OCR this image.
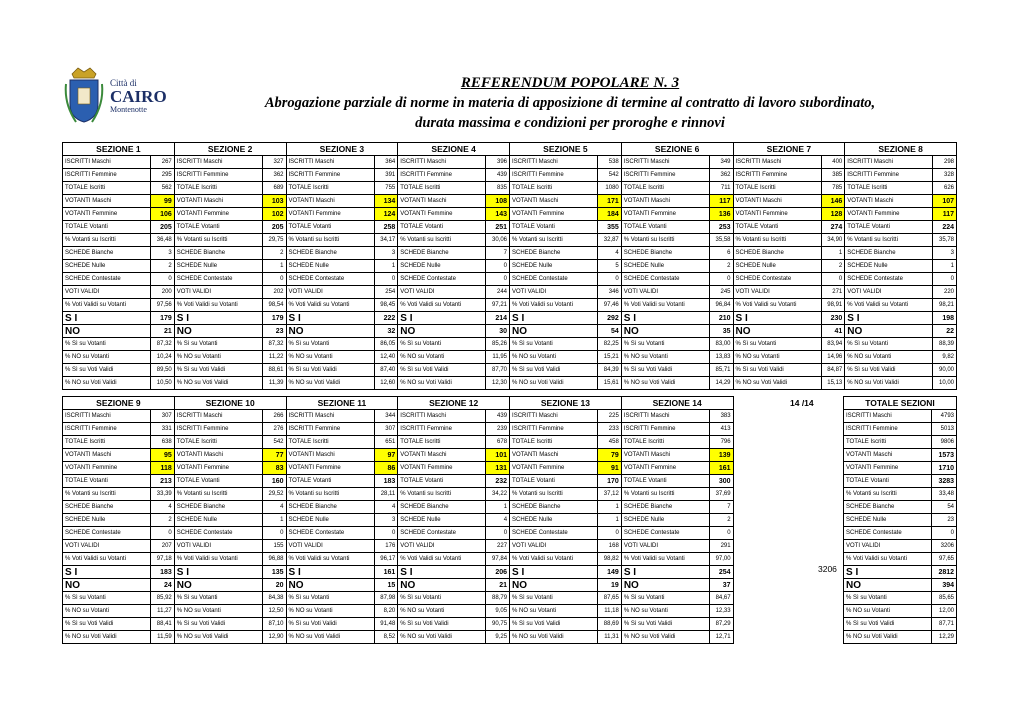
Città di
CAIRO
Montenotte
REFERENDUM POPOLARE N. 3
Abrogazione parziale di norme in materia di apposizione di termine al contratto di lavoro subordinato,
durata massima e condizioni per proroghe e rinnovi
SEZIONE 1		SEZIONE 2		SEZIONE 3		SEZIONE 4		SEZIONE 5		SEZIONE 6		SEZIONE 7		SEZIONE 8	
ISCRITTI Maschi	267	ISCRITTI Maschi	327	ISCRITTI Maschi	364	ISCRITTI Maschi	396	ISCRITTI Maschi	538	ISCRITTI Maschi	349	ISCRITTI Maschi	400	ISCRITTI Maschi	298
ISCRITTI Femmine	295	ISCRITTI Femmine	362	ISCRITTI Femmine	391	ISCRITTI Femmine	439	ISCRITTI Femmine	542	ISCRITTI Femmine	362	ISCRITTI Femmine	385	ISCRITTI Femmine	328
TOTALE Iscritti	562	TOTALE Iscritti	689	TOTALE Iscritti	755	TOTALE Iscritti	835	TOTALE Iscritti	1080	TOTALE Iscritti	711	TOTALE Iscritti	785	TOTALE Iscritti	626
VOTANTI Maschi	99	VOTANTI Maschi	103	VOTANTI Maschi	134	VOTANTI Maschi	108	VOTANTI Maschi	171	VOTANTI Maschi	117	VOTANTI Maschi	146	VOTANTI Maschi	107
VOTANTI Femmine	106	VOTANTI Femmine	102	VOTANTI Femmine	124	VOTANTI Femmine	143	VOTANTI Femmine	184	VOTANTI Femmine	136	VOTANTI Femmine	128	VOTANTI Femmine	117
TOTALE Votanti	205	TOTALE Votanti	205	TOTALE Votanti	258	TOTALE Votanti	251	TOTALE Votanti	355	TOTALE Votanti	253	TOTALE Votanti	274	TOTALE Votanti	224
% Votanti su Iscritti	36,48	% Votanti su Iscritti	29,75	% Votanti su Iscritti	34,17	% Votanti su Iscritti	30,06	% Votanti su Iscritti	32,87	% Votanti su Iscritti	35,58	% Votanti su Iscritti	34,90	% Votanti su Iscritti	35,78
SCHEDE Bianche	3	SCHEDE Bianche	2	SCHEDE Bianche	3	SCHEDE Bianche	7	SCHEDE Bianche	4	SCHEDE Bianche	6	SCHEDE Bianche	1	SCHEDE Bianche	3
SCHEDE Nulle	2	SCHEDE Nulle	1	SCHEDE Nulle	1	SCHEDE Nulle	0	SCHEDE Nulle	5	SCHEDE Nulle	2	SCHEDE Nulle	2	SCHEDE Nulle	1
SCHEDE Contestate	0	SCHEDE Contestate	0	SCHEDE Contestate	0	SCHEDE Contestate	0	SCHEDE Contestate	0	SCHEDE Contestate	0	SCHEDE Contestate	0	SCHEDE Contestate	0
VOTI VALIDI	200	VOTI VALIDI	202	VOTI VALIDI	254	VOTI VALIDI	244	VOTI VALIDI	346	VOTI VALIDI	245	VOTI VALIDI	271	VOTI VALIDI	220
% Voti Validi su Votanti	97,56	% Voti Validi su Votanti	98,54	% Voti Validi su Votanti	98,45	% Voti Validi su Votanti	97,21	% Voti Validi su Votanti	97,46	% Voti Validi su Votanti	96,84	% Voti Validi su Votanti	98,91	% Voti Validi su Votanti	98,21
S I	179	S I	179	S I	222	S I	214	S I	292	S I	210	S I	230	S I	198
NO	21	NO	23	NO	32	NO	30	NO	54	NO	35	NO	41	NO	22
% Sì su Votanti	87,32	% Sì su Votanti	87,32	% Sì su Votanti	86,05	% Sì su Votanti	85,26	% Sì su Votanti	82,25	% Sì su Votanti	83,00	% Sì su Votanti	83,94	% Sì su Votanti	88,39
% NO su Votanti	10,24	% NO su Votanti	11,22	% NO su Votanti	12,40	% NO su Votanti	11,95	% NO su Votanti	15,21	% NO su Votanti	13,83	% NO su Votanti	14,96	% NO su Votanti	9,82
% Sì su Voti Validi	89,50	% Sì su Voti Validi	88,61	% Sì su Voti Validi	87,40	% Sì su Voti Validi	87,70	% Sì su Voti Validi	84,39	% Sì su Voti Validi	85,71	% Sì su Voti Validi	84,87	% Sì su Voti Validi	90,00
% NO su Voti Validi	10,50	% NO su Voti Validi	11,39	% NO su Voti Validi	12,60	% NO su Voti Validi	12,30	% NO su Voti Validi	15,61	% NO su Voti Validi	14,29	% NO su Voti Validi	15,13	% NO su Voti Validi	10,00
SEZIONE 9		SEZIONE 10		SEZIONE 11		SEZIONE 12		SEZIONE 13		SEZIONE 14	
ISCRITTI Maschi	307	ISCRITTI Maschi	266	ISCRITTI Maschi	344	ISCRITTI Maschi	439	ISCRITTI Maschi	225	ISCRITTI Maschi	383
ISCRITTI Femmine	331	ISCRITTI Femmine	276	ISCRITTI Femmine	307	ISCRITTI Femmine	239	ISCRITTI Femmine	233	ISCRITTI Femmine	413
TOTALE Iscritti	638	TOTALE Iscritti	542	TOTALE Iscritti	651	TOTALE Iscritti	678	TOTALE Iscritti	458	TOTALE Iscritti	796
VOTANTI Maschi	95	VOTANTI Maschi	77	VOTANTI Maschi	97	VOTANTI Maschi	101	VOTANTI Maschi	79	VOTANTI Maschi	139
VOTANTI Femmine	118	VOTANTI Femmine	83	VOTANTI Femmine	86	VOTANTI Femmine	131	VOTANTI Femmine	91	VOTANTI Femmine	161
TOTALE Votanti	213	TOTALE Votanti	160	TOTALE Votanti	183	TOTALE Votanti	232	TOTALE Votanti	170	TOTALE Votanti	300
% Votanti su Iscritti	33,39	% Votanti su Iscritti	29,52	% Votanti su Iscritti	28,11	% Votanti su Iscritti	34,22	% Votanti su Iscritti	37,12	% Votanti su Iscritti	37,69
SCHEDE Bianche	4	SCHEDE Bianche	4	SCHEDE Bianche	4	SCHEDE Bianche	1	SCHEDE Bianche	1	SCHEDE Bianche	7
SCHEDE Nulle	2	SCHEDE Nulle	1	SCHEDE Nulle	3	SCHEDE Nulle	4	SCHEDE Nulle	1	SCHEDE Nulle	2
SCHEDE Contestate	0	SCHEDE Contestate	0	SCHEDE Contestate	0	SCHEDE Contestate	0	SCHEDE Contestate	0	SCHEDE Contestate	0
VOTI VALIDI	207	VOTI VALIDI	155	VOTI VALIDI	176	VOTI VALIDI	227	VOTI VALIDI	168	VOTI VALIDI	291
% Voti Validi su Votanti	97,18	% Voti Validi su Votanti	96,88	% Voti Validi su Votanti	96,17	% Voti Validi su Votanti	97,84	% Voti Validi su Votanti	98,82	% Voti Validi su Votanti	97,00
S I	183	S I	135	S I	161	S I	206	S I	149	S I	254
NO	24	NO	20	NO	15	NO	21	NO	19	NO	37
% Sì su Votanti	85,92	% Sì su Votanti	84,38	% Sì su Votanti	87,98	% Sì su Votanti	88,79	% Sì su Votanti	87,65	% Sì su Votanti	84,67
% NO su Votanti	11,27	% NO su Votanti	12,50	% NO su Votanti	8,20	% NO su Votanti	9,05	% NO su Votanti	11,18	% NO su Votanti	12,33
% Sì su Voti Validi	88,41	% Sì su Voti Validi	87,10	% Sì su Voti Validi	91,48	% Sì su Voti Validi	90,75	% Sì su Voti Validi	88,69	% Sì su Voti Validi	87,29
% NO su Voti Validi	11,59	% NO su Voti Validi	12,90	% NO su Voti Validi	8,52	% NO su Voti Validi	9,25	% NO su Voti Validi	11,31	% NO su Voti Validi	12,71
14 /14
3206
TOTALE SEZIONI	
ISCRITTI Maschi	4793
ISCRITTI Femmine	5013
TOTALE Iscritti	9806
VOTANTI Maschi	1573
VOTANTI Femmine	1710
TOTALE Votanti	3283
% Votanti su Iscritti	33,48
SCHEDE Bianche	54
SCHEDE Nulle	23
SCHEDE Contestate	0
VOTI VALIDI	3206
% Voti Validi su Votanti	97,65
S I	2812
NO	394
% Sì su Votanti	85,65
% NO su Votanti	12,00
% Sì su Voti Validi	87,71
% NO su Voti Validi	12,29
